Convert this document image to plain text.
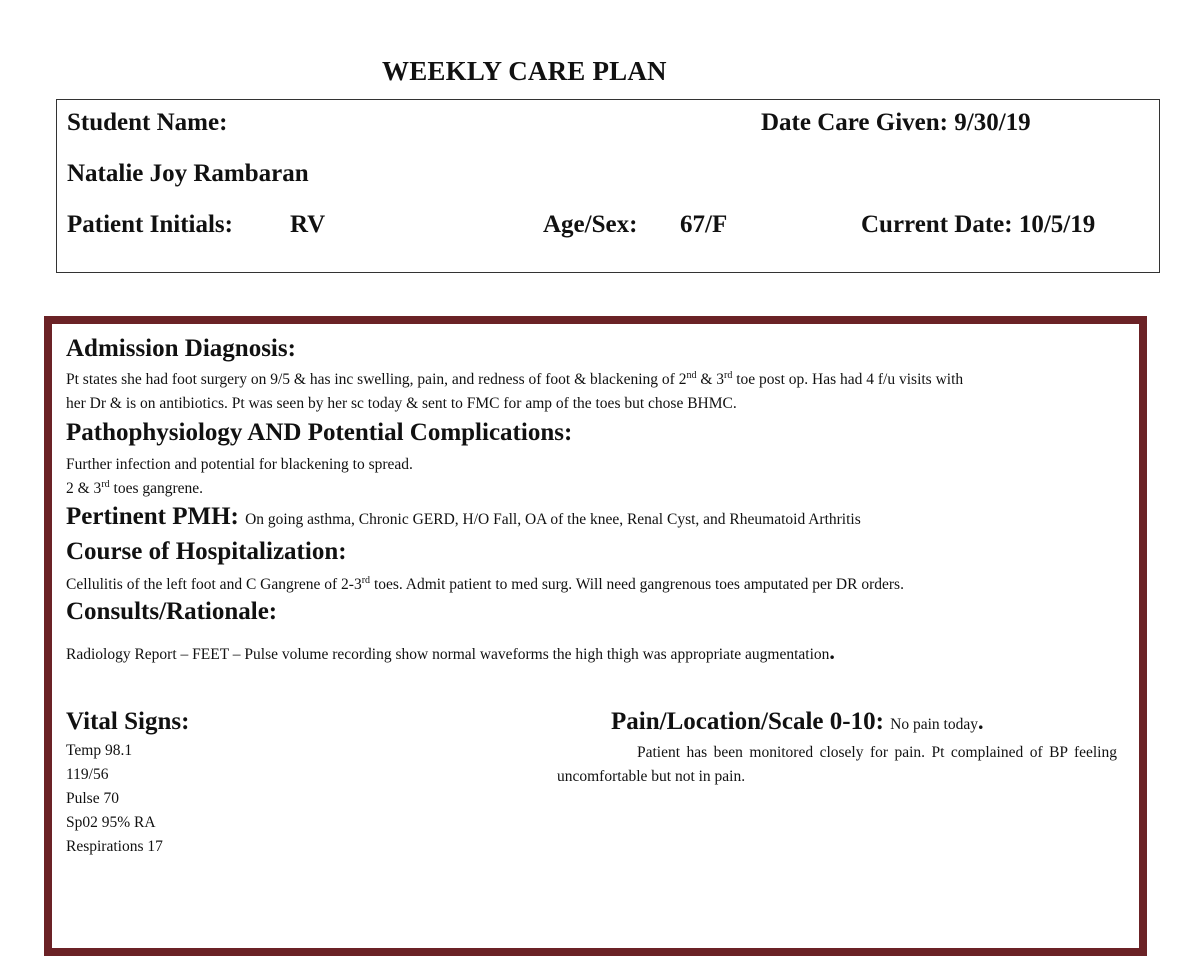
WEEKLY CARE PLAN
Student Name:	Date Care Given: 9/30/19
Natalie Joy Rambaran
Patient Initials: RV	Age/Sex: 67/F	Current Date: 10/5/19
Admission Diagnosis:
Pt states she had foot surgery on 9/5 & has inc swelling, pain, and redness of foot & blackening of 2nd & 3rd toe post op. Has had 4 f/u visits with
her Dr & is on antibiotics. Pt was seen by her sc today & sent to FMC for amp of the toes but chose BHMC.
Pathophysiology AND Potential Complications:
Further infection and potential for blackening to spread.
2 & 3rd toes gangrene.
Pertinent PMH: On going asthma, Chronic GERD, H/O Fall, OA of the knee, Renal Cyst, and Rheumatoid Arthritis
Course of Hospitalization:
Cellulitis of the left foot and C Gangrene of 2-3rd toes. Admit patient to med surg. Will need gangrenous toes amputated per DR orders.
Consults/Rationale:
Radiology Report – FEET – Pulse volume recording show normal waveforms the high thigh was appropriate augmentation.
Vital Signs:
Temp 98.1
119/56
Pulse 70
Sp02 95% RA
Respirations 17
Pain/Location/Scale 0-10: No pain today.
Patient has been monitored closely for pain. Pt complained of BP feeling uncomfortable but not in pain.
